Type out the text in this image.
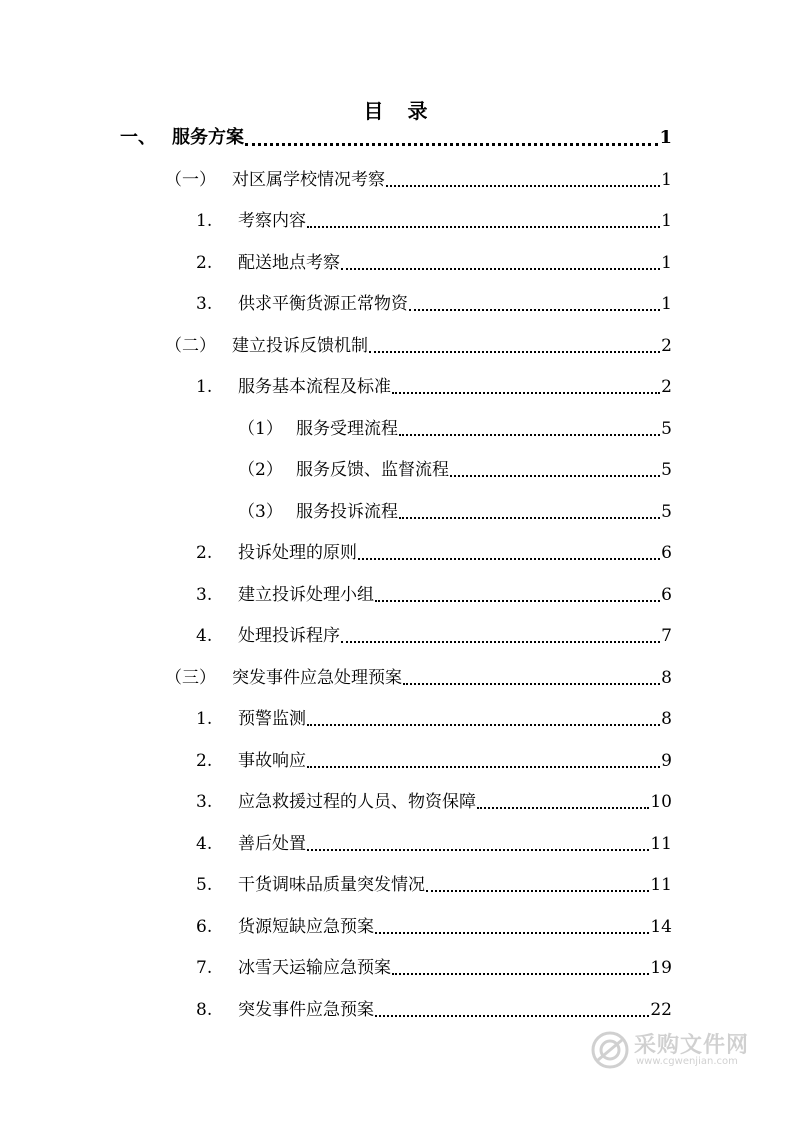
目　录
一、 服务方案	1
（一） 对区属学校情况考察	1
1.	考察内容	1
2.	配送地点考察	1
3.	供求平衡货源正常物资	1
（二） 建立投诉反馈机制	2
1.	服务基本流程及标准	2
（1） 服务受理流程	5
（2） 服务反馈、监督流程	5
（3） 服务投诉流程	5
2.	投诉处理的原则	6
3.	建立投诉处理小组	6
4.	处理投诉程序	7
（三） 突发事件应急处理预案	8
1.	预警监测	8
2.	事故响应	9
3.	应急救援过程的人员、物资保障	10
4.	善后处置	11
5.	干货调味品质量突发情况	11
6.	货源短缺应急预案	14
7.	冰雪天运输应急预案	19
8.	突发事件应急预案	22
采购文件网
www.cgwenjian.com
